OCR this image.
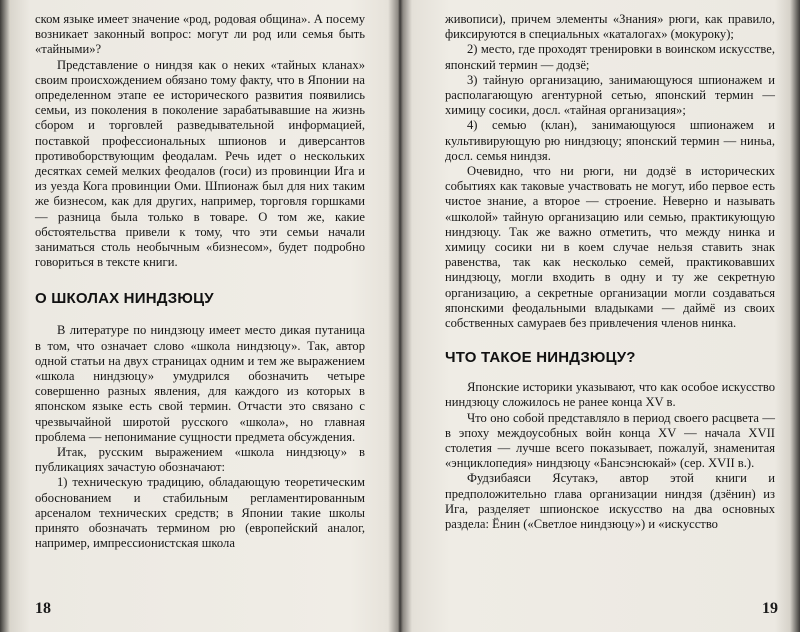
ском языке имеет значение «род, родовая община». А посему возникает законный вопрос: могут ли род или семья быть «тайными»?

Представление о ниндзя как о неких «тайных кланах» своим происхождением обязано тому факту, что в Японии на определенном этапе ее исторического развития появились семьи, из поколения в поколение зарабатывавшие на жизнь сбором и торговлей разведывательной информацией, поставкой профессиональных шпионов и диверсантов противоборствующим феодалам. Речь идет о нескольких десятках семей мелких феодалов (госи) из провинции Ига и из уезда Кога провинции Оми. Шпионаж был для них таким же бизнесом, как для других, например, торговля горшками — разница была только в товаре. О том же, какие обстоятельства привели к тому, что эти семьи начали заниматься столь необычным «бизнесом», будет подробно говориться в тексте книги.

О ШКОЛАХ НИНДЗЮЦУ

В литературе по ниндзюцу имеет место дикая путаница в том, что означает слово «школа ниндзюцу». Так, автор одной статьи на двух страницах одним и тем же выражением «школа ниндзюцу» умудрился обозначить четыре совершенно разных явления, для каждого из которых в японском языке есть свой термин. Отчасти это связано с чрезвычайной широтой русского «школа», но главная проблема — непонимание сущности предмета обсуждения.

Итак, русским выражением «школа ниндзюцу» в публикациях зачастую обозначают:

1) техническую традицию, обладающую теоретическим обоснованием и стабильным регламентированным арсеналом технических средств; в Японии такие школы принято обозначать термином рю (европейский аналог, например, импрессионистская школа

18

живописи), причем элементы «Знания» рюги, как правило, фиксируются в специальных «каталогах» (мокуроку);

2) место, где проходят тренировки в воинском искусстве, японский термин — додзё;

3) тайную организацию, занимающуюся шпионажем и располагающую агентурной сетью, японский термин — химицу сосики, досл. «тайная организация»;

4) семью (клан), занимающуюся шпионажем и культивирующую рю ниндзюцу; японский термин — ниньа, досл. семья ниндзя.

Очевидно, что ни рюги, ни додзё в исторических событиях как таковые участвовать не могут, ибо первое есть чистое знание, а второе — строение. Неверно и называть «школой» тайную организацию или семью, практикующую ниндзюцу. Так же важно отметить, что между нинка и химицу сосики ни в коем случае нельзя ставить знак равенства, так как несколько семей, практиковавших ниндзюцу, могли входить в одну и ту же секретную организацию, а секретные организации могли создаваться японскими феодальными владыками — даймё из своих собственных самураев без привлечения членов нинка.

ЧТО ТАКОЕ НИНДЗЮЦУ?

Японские историки указывают, что как особое искусство ниндзюцу сложилось не ранее конца XV в.

Что оно собой представляло в период своего расцвета — в эпоху междоусобных войн конца XV — начала XVII столетия — лучше всего показывает, пожалуй, знаменитая «энциклопедия» ниндзюцу «Бансэнсюкай» (сер. XVII в.).

Фудзибаяси Ясутакэ, автор этой книги и предположительно глава организации ниндзя (дзёнин) из Ига, разделяет шпионское искусство на два основных раздела: Ёнин («Светлое ниндзюцу») и «искусство

19
